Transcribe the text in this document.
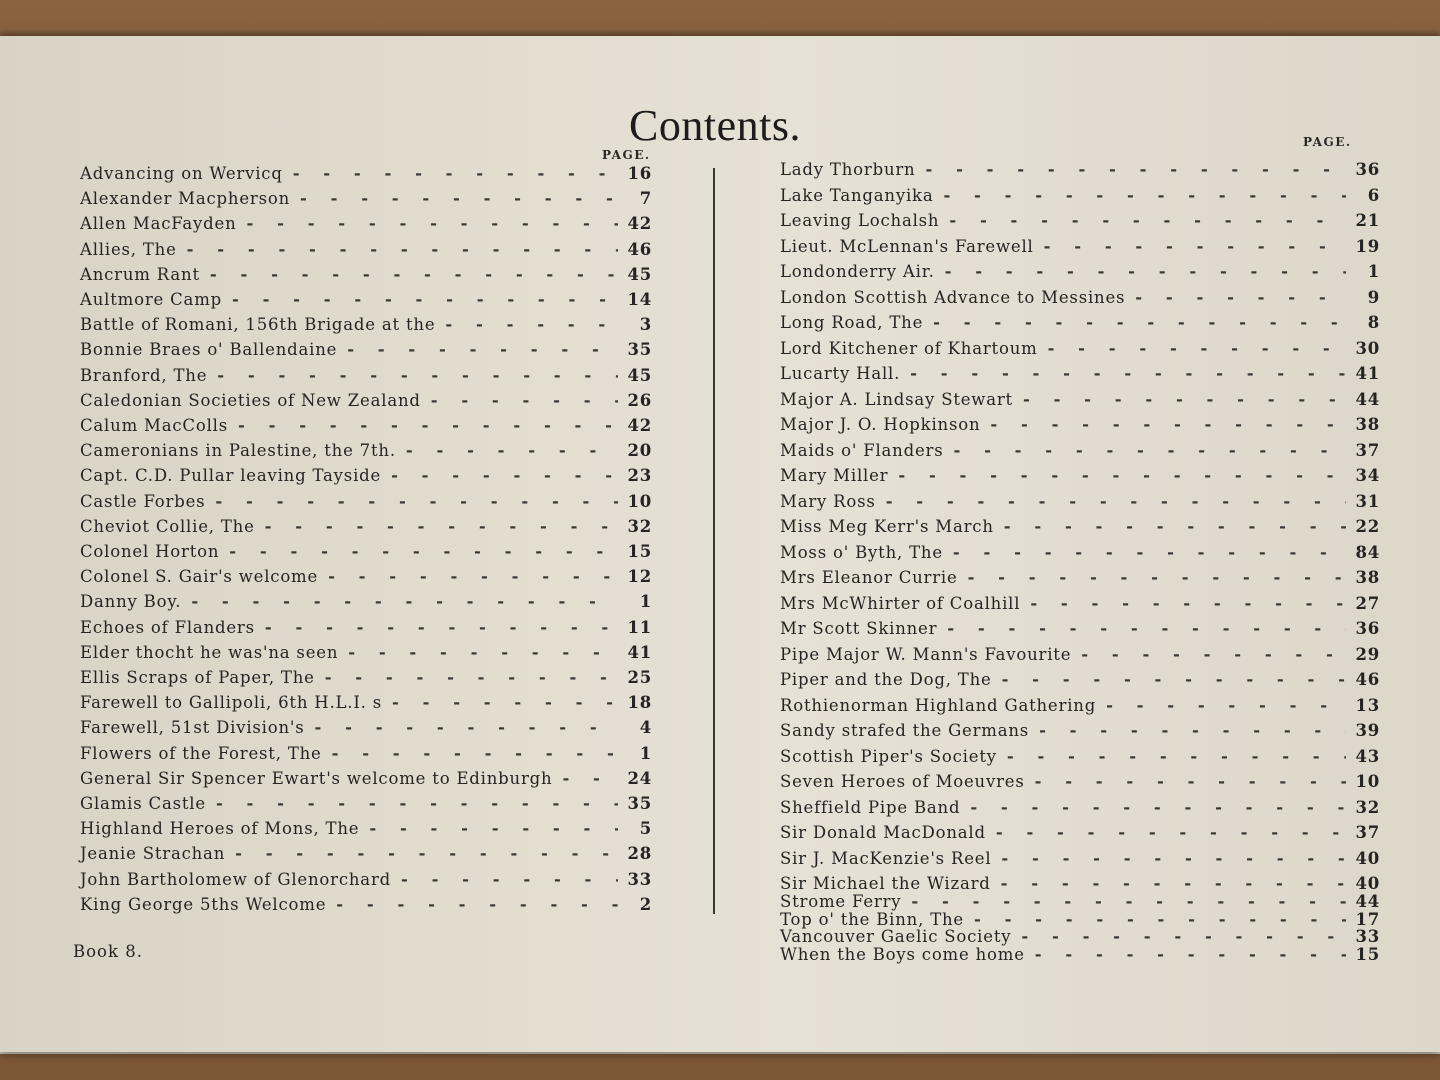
Contents.
PAGE.
PAGE.
Advancing on Wervicq - - -	16
Alexander Macpherson - - -	7
Allen MacFayden - - -	42
Allies, The - - -	46
Ancrum Rant - - -	45
Aultmore Camp - - -	14
Battle of Romani, 156th Brigade at the - - -	3
Bonnie Braes o' Ballendaine - - -	35
Branford, The - - -	45
Caledonian Societies of New Zealand - - -	26
Calum MacColls - - -	42
Cameronians in Palestine, the 7th. - - -	20
Capt. C.D. Pullar leaving Tayside - - -	23
Castle Forbes - - -	10
Cheviot Collie, The - - -	32
Colonel Horton - - -	15
Colonel S. Gair's welcome - - -	12
Danny Boy. - - -	1
Echoes of Flanders - - -	11
Elder thocht he was'na seen - - -	41
Ellis Scraps of Paper, The - - -	25
Farewell to Gallipoli, 6th H.L.I. s - - -	18
Farewell, 51st Division's - - -	4
Flowers of the Forest, The - - -	1
General Sir Spencer Ewart's welcome to Edinburgh - - -	24
Glamis Castle - - -	35
Highland Heroes of Mons, The - - -	5
Jeanie Strachan - - -	28
John Bartholomew of Glenorchard - - -	33
King George 5ths Welcome - - -	2
Lady Thorburn - - -	36
Lake Tanganyika - - -	6
Leaving Lochalsh - - -	21
Lieut. McLennan's Farewell - - -	19
Londonderry Air. - - -	1
London Scottish Advance to Messines - - -	9
Long Road, The - - -	8
Lord Kitchener of Khartoum - - -	30
Lucarty Hall. - - -	41
Major A. Lindsay Stewart - - -	44
Major J. O. Hopkinson - - -	38
Maids o' Flanders - - -	37
Mary Miller - - -	34
Mary Ross - - -	31
Miss Meg Kerr's March - - -	22
Moss o' Byth, The - - -	84
Mrs Eleanor Currie - - -	38
Mrs McWhirter of Coalhill - - -	27
Mr Scott Skinner - - -	36
Pipe Major W. Mann's Favourite - - -	29
Piper and the Dog, The - - -	46
Rothienorman Highland Gathering - - -	13
Sandy strafed the Germans - - -	39
Scottish Piper's Society - - -	43
Seven Heroes of Moeuvres - - -	10
Sheffield Pipe Band - - -	32
Sir Donald MacDonald - - -	37
Sir J. MacKenzie's Reel - - -	40
Sir Michael the Wizard - - -	40
Strome Ferry - - -	44
Top o' the Binn, The - - -	17
Vancouver Gaelic Society - - -	33
When the Boys come home - - -	15
Book 8.
